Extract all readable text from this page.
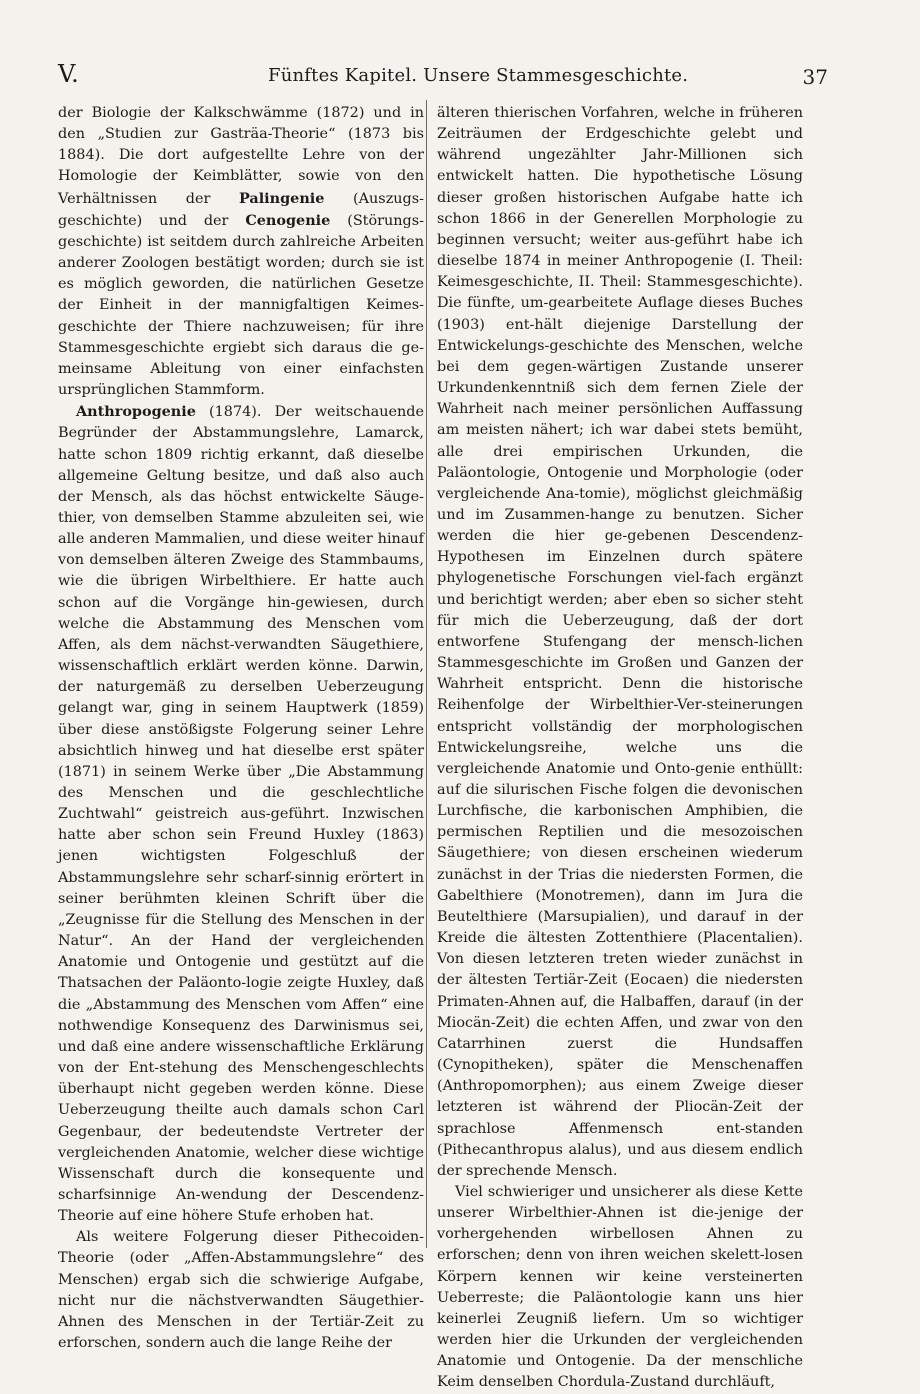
V.	Fünftes Kapitel. Unsere Stammesgeschichte.	37

der Biologie der Kalkschwämme (1872) und in den „Studien zur Gasträa-Theorie“ (1873 bis 1884). Die dort aufgestellte Lehre von der Homologie der Keimblätter, sowie von den Verhältnissen der Palingenie (Auszugs-geschichte) und der Cenogenie (Störungs-geschichte) ist seitdem durch zahlreiche Arbeiten anderer Zoologen bestätigt worden; durch sie ist es möglich geworden, die natürlichen Gesetze der Einheit in der mannigfaltigen Keimes-geschichte der Thiere nachzuweisen; für ihre Stammesgeschichte ergiebt sich daraus die ge-meinsame Ableitung von einer einfachsten ursprünglichen Stammform.

Anthropogenie (1874). Der weitschauende Begründer der Abstammungslehre, Lamarck, hatte schon 1809 richtig erkannt, daß dieselbe allgemeine Geltung besitze, und daß also auch der Mensch, als das höchst entwickelte Säuge-thier, von demselben Stamme abzuleiten sei, wie alle anderen Mammalien, und diese weiter hinauf von demselben älteren Zweige des Stammbaums, wie die übrigen Wirbelthiere. Er hatte auch schon auf die Vorgänge hin-gewiesen, durch welche die Abstammung des Menschen vom Affen, als dem nächst-verwandten Säugethiere, wissenschaftlich erklärt werden könne. Darwin, der naturgemäß zu derselben Ueberzeugung gelangt war, ging in seinem Hauptwerk (1859) über diese anstößigste Folgerung seiner Lehre absichtlich hinweg und hat dieselbe erst später (1871) in seinem Werke über „Die Abstammung des Menschen und die geschlechtliche Zuchtwahl“ geistreich aus-geführt. Inzwischen hatte aber schon sein Freund Huxley (1863) jenen wichtigsten Folgeschluß der Abstammungslehre sehr scharf-sinnig erörtert in seiner berühmten kleinen Schrift über die „Zeugnisse für die Stellung des Menschen in der Natur“. An der Hand der vergleichenden Anatomie und Ontogenie und gestützt auf die Thatsachen der Paläonto-logie zeigte Huxley, daß die „Abstammung des Menschen vom Affen“ eine nothwendige Konsequenz des Darwinismus sei, und daß eine andere wissenschaftliche Erklärung von der Ent-stehung des Menschengeschlechts überhaupt nicht gegeben werden könne. Diese Ueberzeugung theilte auch damals schon Carl Gegenbaur, der bedeutendste Vertreter der vergleichenden Anatomie, welcher diese wichtige Wissenschaft durch die konsequente und scharfsinnige An-wendung der Descendenz-Theorie auf eine höhere Stufe erhoben hat.

Als weitere Folgerung dieser Pithecoiden-Theorie (oder „Affen-Abstammungslehre“ des Menschen) ergab sich die schwierige Aufgabe, nicht nur die nächstverwandten Säugethier-Ahnen des Menschen in der Tertiär-Zeit zu erforschen, sondern auch die lange Reihe der

älteren thierischen Vorfahren, welche in früheren Zeiträumen der Erdgeschichte gelebt und während ungezählter Jahr-Millionen sich entwickelt hatten. Die hypothetische Lösung dieser großen historischen Aufgabe hatte ich schon 1866 in der Generellen Morphologie zu beginnen versucht; weiter aus-geführt habe ich dieselbe 1874 in meiner Anthropogenie (I. Theil: Keimesgeschichte, II. Theil: Stammesgeschichte). Die fünfte, um-gearbeitete Auflage dieses Buches (1903) ent-hält diejenige Darstellung der Entwickelungs-geschichte des Menschen, welche bei dem gegen-wärtigen Zustande unserer Urkundenkenntniß sich dem fernen Ziele der Wahrheit nach meiner persönlichen Auffassung am meisten nähert; ich war dabei stets bemüht, alle drei empirischen Urkunden, die Paläontologie, Ontogenie und Morphologie (oder vergleichende Ana-tomie), möglichst gleichmäßig und im Zusammen-hange zu benutzen. Sicher werden die hier ge-gebenen Descendenz-Hypothesen im Einzelnen durch spätere phylogenetische Forschungen viel-fach ergänzt und berichtigt werden; aber eben so sicher steht für mich die Ueberzeugung, daß der dort entworfene Stufengang der mensch-lichen Stammesgeschichte im Großen und Ganzen der Wahrheit entspricht. Denn die historische Reihenfolge der Wirbelthier-Ver-steinerungen entspricht vollständig der morphologischen Entwickelungsreihe, welche uns die vergleichende Anatomie und Onto-genie enthüllt: auf die silurischen Fische folgen die devonischen Lurchfische, die karbonischen Amphibien, die permischen Reptilien und die mesozoischen Säugethiere; von diesen erscheinen wiederum zunächst in der Trias die niedersten Formen, die Gabelthiere (Monotremen), dann im Jura die Beutelthiere (Marsupialien), und darauf in der Kreide die ältesten Zottenthiere (Placentalien). Von diesen letzteren treten wieder zunächst in der ältesten Tertiär-Zeit (Eocaen) die niedersten Primaten-Ahnen auf, die Halbaffen, darauf (in der Miocän-Zeit) die echten Affen, und zwar von den Catarrhinen zuerst die Hundsaffen (Cynopitheken), später die Menschenaffen (Anthropomorphen); aus einem Zweige dieser letzteren ist während der Pliocän-Zeit der sprachlose Affenmensch ent-standen (Pithecanthropus alalus), und aus diesem endlich der sprechende Mensch.

Viel schwieriger und unsicherer als diese Kette unserer Wirbelthier-Ahnen ist die-jenige der vorhergehenden wirbellosen Ahnen zu erforschen; denn von ihren weichen skelett-losen Körpern kennen wir keine versteinerten Ueberreste; die Paläontologie kann uns hier keinerlei Zeugniß liefern. Um so wichtiger werden hier die Urkunden der vergleichenden Anatomie und Ontogenie. Da der menschliche Keim denselben Chordula-Zustand durchläuft,
